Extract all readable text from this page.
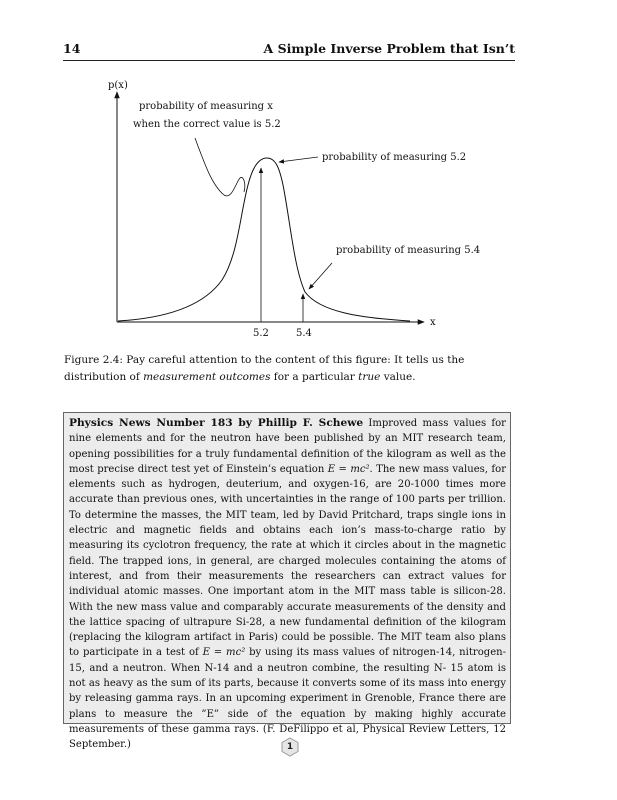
14	A Simple Inverse Problem that Isn’t
p(x)
x
5.2	5.4
probability of measuring x
when the correct value is 5.2
probability of measuring 5.2
probability of measuring 5.4
Figure 2.4: Pay careful attention to the content of this figure: It tells us the distribution of measurement outcomes for a particular true value.
Physics News Number 183 by Phillip F. Schewe Improved mass values for nine elements and for the neutron have been published by an MIT research team, opening possibilities for a truly fundamental definition of the kilogram as well as the most precise direct test yet of Einstein’s equation E = mc². The new mass values, for elements such as hydrogen, deuterium, and oxygen-16, are 20-1000 times more accurate than previous ones, with uncertainties in the range of 100 parts per trillion. To determine the masses, the MIT team, led by David Pritchard, traps single ions in electric and magnetic fields and obtains each ion’s mass-to-charge ratio by measuring its cyclotron frequency, the rate at which it circles about in the magnetic field. The trapped ions, in general, are charged molecules containing the atoms of interest, and from their measurements the researchers can extract values for individual atomic masses. One important atom in the MIT mass table is silicon-28. With the new mass value and comparably accurate measurements of the density and the lattice spacing of ultrapure Si-28, a new fundamental definition of the kilogram (replacing the kilogram artifact in Paris) could be possible. The MIT team also plans to participate in a test of E = mc² by using its mass values of nitrogen-14, nitrogen-15, and a neutron. When N-14 and a neutron combine, the resulting N- 15 atom is not as heavy as the sum of its parts, because it converts some of its mass into energy by releasing gamma rays. In an upcoming experiment in Grenoble, France there are plans to measure the ”E” side of the equation by making highly accurate measurements of these gamma rays. (F. DeFilippo et al, Physical Review Letters, 12 September.)	1
